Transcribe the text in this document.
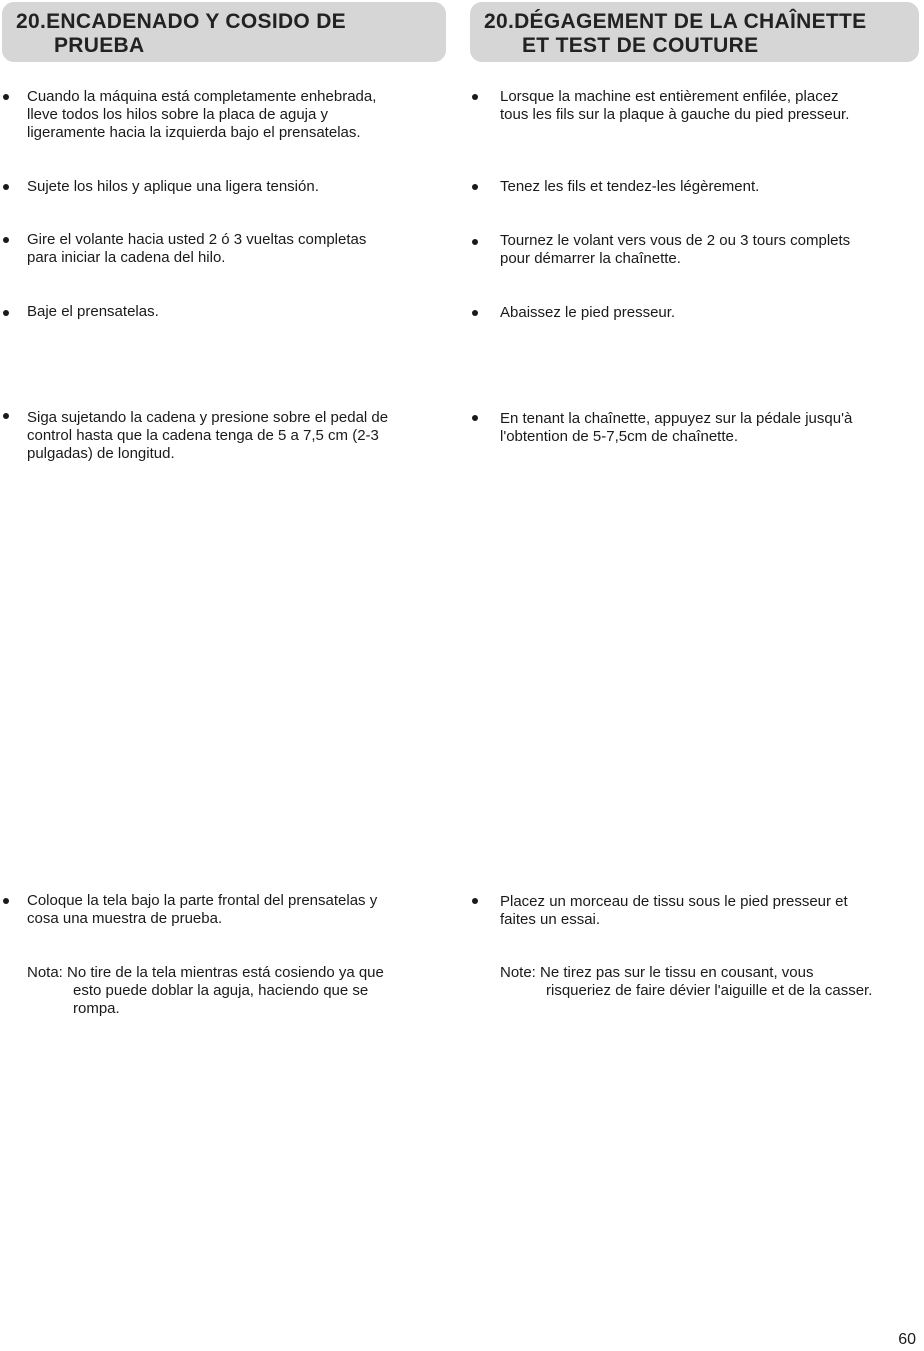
20.ENCADENADO Y COSIDO DE
PRUEBA
20.DÉGAGEMENT DE LA CHAÎNETTE
ET TEST DE COUTURE
Cuando la máquina está completamente enhebrada,
lleve todos los hilos sobre la placa de aguja y
ligeramente hacia la izquierda bajo el prensatelas.
Sujete los hilos y aplique una ligera tensión.
Gire el volante hacia usted 2 ó 3 vueltas completas
para iniciar la cadena del hilo.
Baje el prensatelas.
Siga sujetando la cadena y presione sobre el pedal de
control hasta que la cadena tenga de 5 a 7,5 cm (2-3
pulgadas) de longitud.
Coloque la tela bajo la parte frontal del prensatelas y
cosa una muestra de prueba.
Nota: No tire de la tela mientras está cosiendo ya que
esto puede doblar la aguja, haciendo que se
rompa.
Lorsque la machine est entièrement enfilée, placez
tous les fils sur la plaque à gauche du pied presseur.
Tenez les fils et tendez-les légèrement.
Tournez le volant vers vous de 2 ou 3 tours complets
pour démarrer la chaînette.
Abaissez le pied presseur.
En tenant la chaînette, appuyez sur la pédale jusqu'à
l'obtention de 5-7,5cm de chaînette.
Placez un morceau de tissu sous le pied presseur et
faites un essai.
Note: Ne tirez pas sur le tissu en cousant, vous
risqueriez de faire dévier l'aiguille et de la casser.
60
